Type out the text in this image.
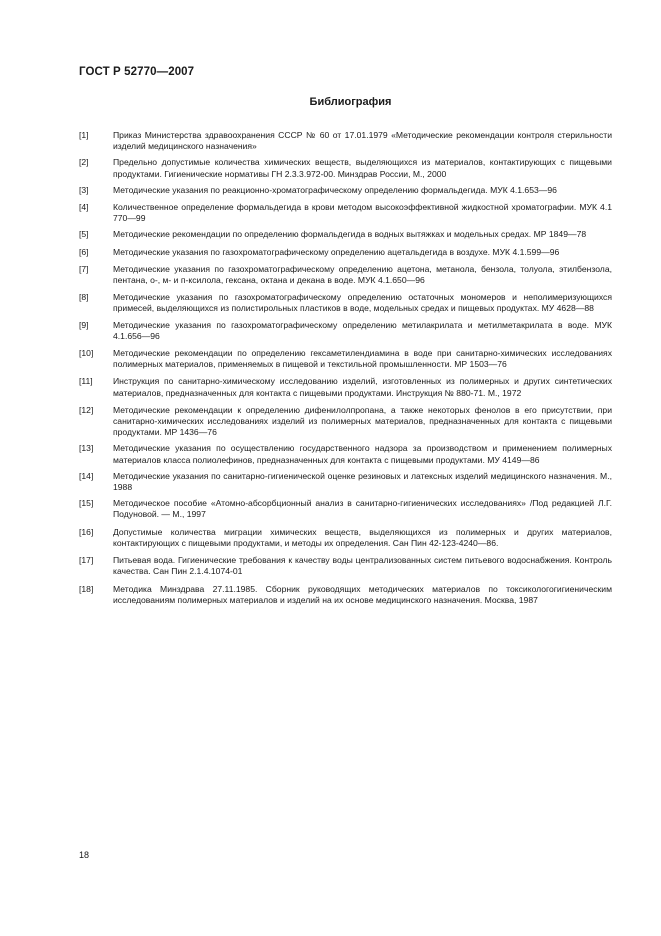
ГОСТ Р 52770—2007
Библиография
[1]	Приказ Министерства здравоохранения СССР № 60 от 17.01.1979 «Методические рекомендации контроля стерильности изделий медицинского назначения»
[2]	Предельно допустимые количества химических веществ, выделяющихся из материалов, контактирующих с пищевыми продуктами. Гигиенические нормативы ГН 2.3.3.972-00. Минздрав России, М., 2000
[3]	Методические указания по реакционно-хроматографическому определению формальдегида. МУК 4.1.653—96
[4]	Количественное определение формальдегида в крови методом высокоэффективной жидкостной хроматографии. МУК 4.1 770—99
[5]	Методические рекомендации по определению формальдегида в водных вытяжках и модельных средах. МР 1849—78
[6]	Методические указания по газохроматографическому определению ацетальдегида в воздухе. МУК 4.1.599—96
[7]	Методические указания по газохроматографическому определению ацетона, метанола, бензола, толуола, этилбензола, пентана, о-, м- и п-ксилола, гексана, октана и декана в воде. МУК 4.1.650—96
[8]	Методические указания по газохроматографическому определению остаточных мономеров и неполимеризующихся примесей, выделяющихся из полистирольных пластиков в воде, модельных средах и пищевых продуктах. МУ 4628—88
[9]	Методические указания по газохроматографическому определению метилакрилата и метилметакрилата в воде. МУК 4.1.656—96
[10]	Методические рекомендации по определению гексаметилендиамина в воде при санитарно-химических исследованиях полимерных материалов, применяемых в пищевой и текстильной промышленности. МР 1503—76
[11]	Инструкция по санитарно-химическому исследованию изделий, изготовленных из полимерных и других синтетических материалов, предназначенных для контакта с пищевыми продуктами. Инструкция № 880-71. М., 1972
[12]	Методические рекомендации к определению дифенилолпропана, а также некоторых фенолов в его присутствии, при санитарно-химических исследованиях изделий из полимерных материалов, предназначенных для контакта с пищевыми продуктами. МР 1436—76
[13]	Методические указания по осуществлению государственного надзора за производством и применением полимерных материалов класса полиолефинов, предназначенных для контакта с пищевыми продуктами. МУ 4149—86
[14]	Методические указания по санитарно-гигиенической оценке резиновых и латексных изделий медицинского назначения. М., 1988
[15]	Методическое пособие «Атомно-абсорбционный анализ в санитарно-гигиенических исследованиях» /Под редакцией Л.Г. Подуновой. — М., 1997
[16]	Допустимые количества миграции химических веществ, выделяющихся из полимерных и других материалов, контактирующих с пищевыми продуктами, и методы их определения. Сан Пин 42-123-4240—86.
[17]	Питьевая вода. Гигиенические требования к качеству воды централизованных систем питьевого водоснабжения. Контроль качества. Сан Пин 2.1.4.1074-01
[18]	Методика Минздрава 27.11.1985. Сборник руководящих методических материалов по токсикологогигиеническим исследованиям полимерных материалов и изделий на их основе медицинского назначения. Москва, 1987
18
